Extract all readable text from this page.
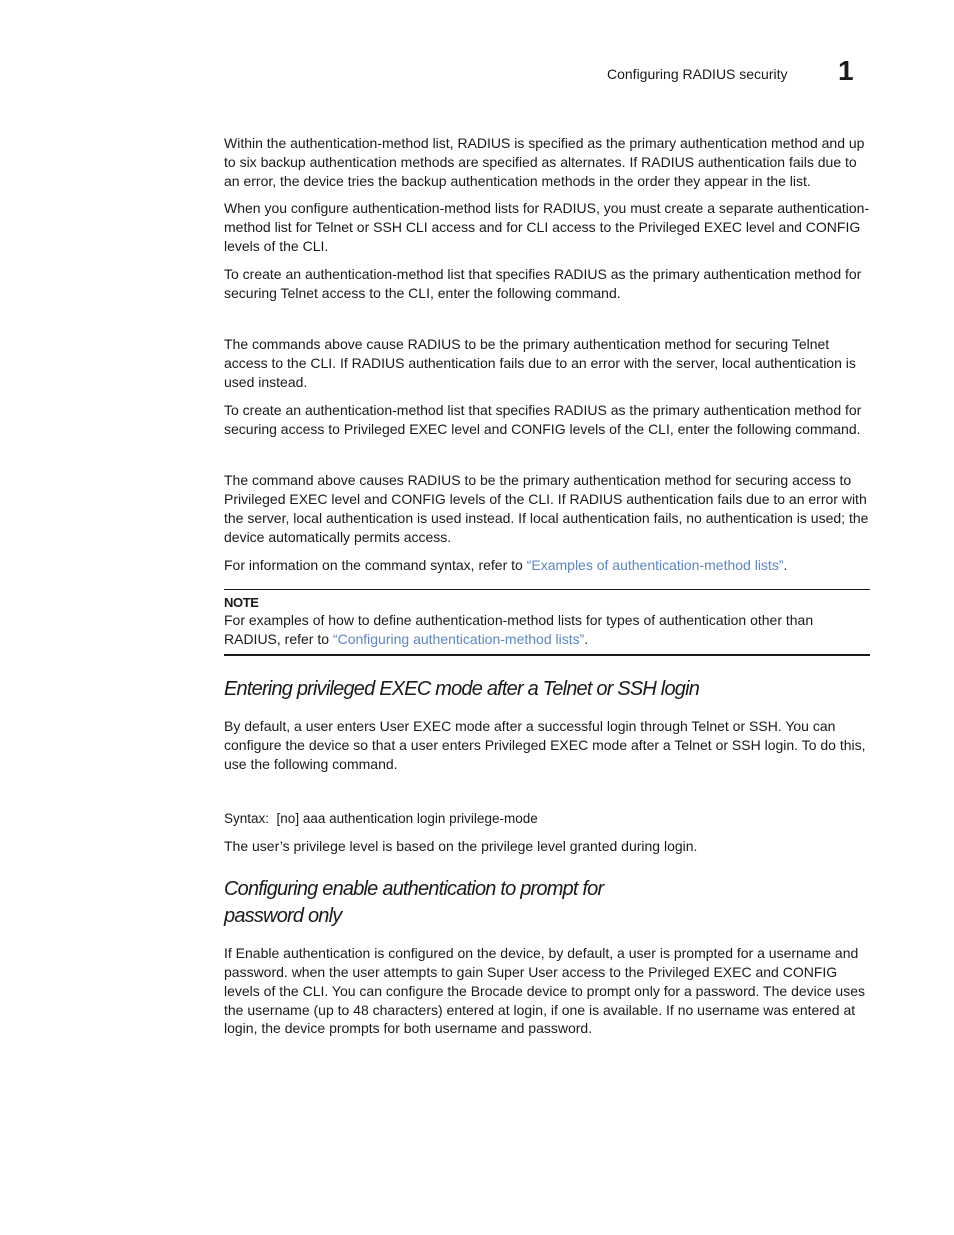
Configuring RADIUS security 1

Within the authentication-method list, RADIUS is specified as the primary authentication method and up to six backup authentication methods are specified as alternates. If RADIUS authentication fails due to an error, the device tries the backup authentication methods in the order they appear in the list.

When you configure authentication-method lists for RADIUS, you must create a separate authentication-method list for Telnet or SSH CLI access and for CLI access to the Privileged EXEC level and CONFIG levels of the CLI.

To create an authentication-method list that specifies RADIUS as the primary authentication method for securing Telnet access to the CLI, enter the following command.

The commands above cause RADIUS to be the primary authentication method for securing Telnet access to the CLI. If RADIUS authentication fails due to an error with the server, local authentication is used instead.

To create an authentication-method list that specifies RADIUS as the primary authentication method for securing access to Privileged EXEC level and CONFIG levels of the CLI, enter the following command.

The command above causes RADIUS to be the primary authentication method for securing access to Privileged EXEC level and CONFIG levels of the CLI. If RADIUS authentication fails due to an error with the server, local authentication is used instead. If local authentication fails, no authentication is used; the device automatically permits access.

For information on the command syntax, refer to “Examples of authentication-method lists”.

NOTE

For examples of how to define authentication-method lists for types of authentication other than RADIUS, refer to “Configuring authentication-method lists”.

Entering privileged EXEC mode after a Telnet or SSH login

By default, a user enters User EXEC mode after a successful login through Telnet or SSH. You can configure the device so that a user enters Privileged EXEC mode after a Telnet or SSH login. To do this, use the following command.

Syntax: [no] aaa authentication login privilege-mode

The user’s privilege level is based on the privilege level granted during login.

Configuring enable authentication to prompt for password only

If Enable authentication is configured on the device, by default, a user is prompted for a username and password. when the user attempts to gain Super User access to the Privileged EXEC and CONFIG levels of the CLI. You can configure the Brocade device to prompt only for a password. The device uses the username (up to 48 characters) entered at login, if one is available. If no username was entered at login, the device prompts for both username and password.
